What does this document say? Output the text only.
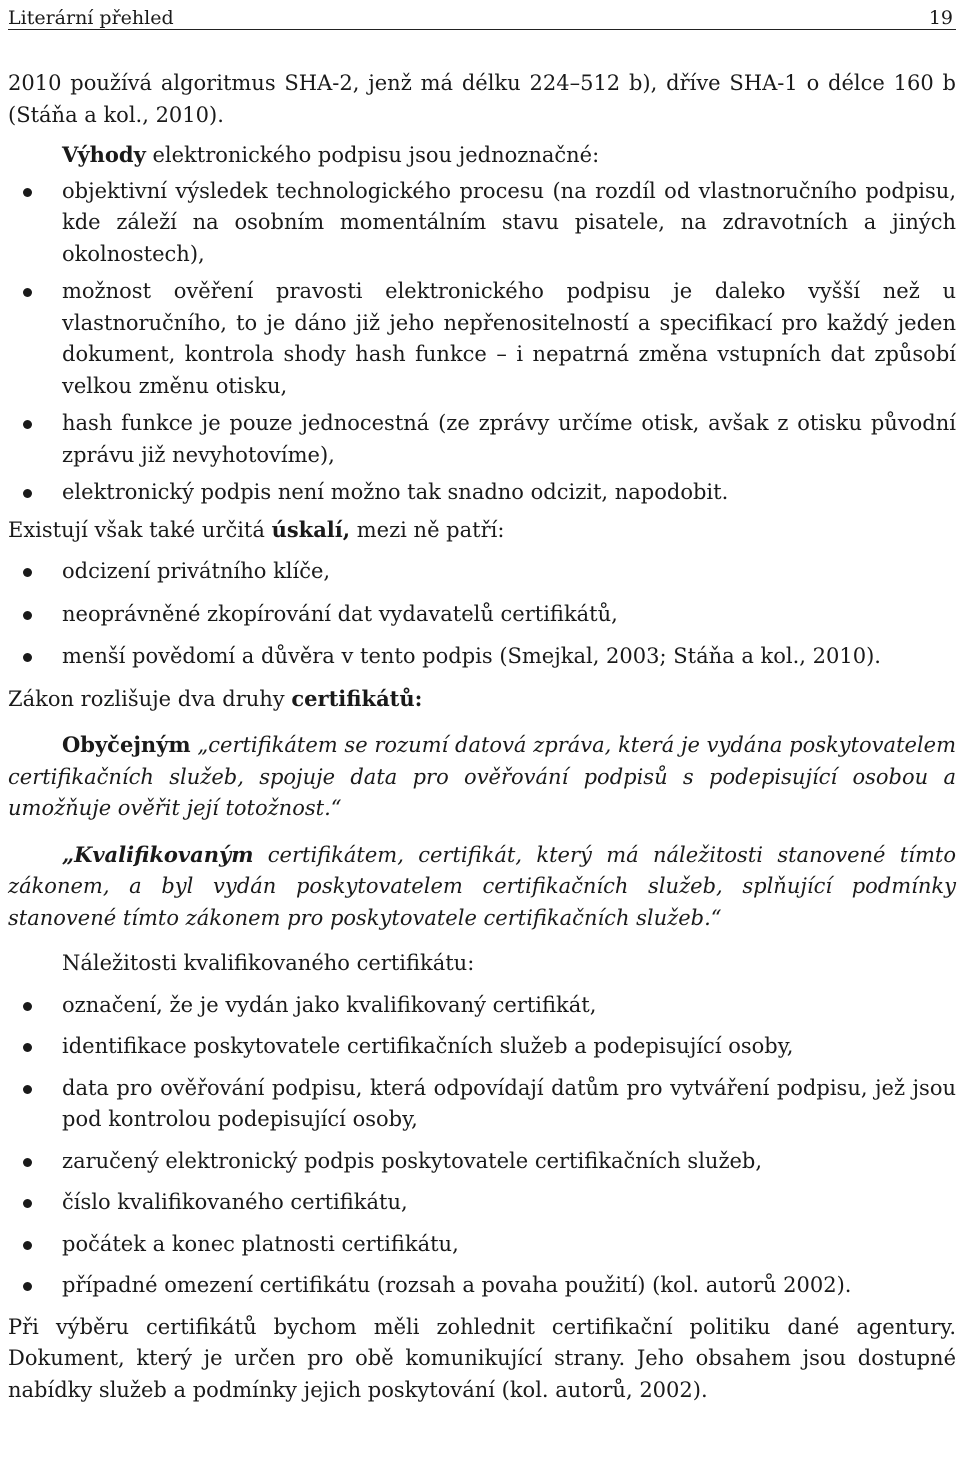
Literární přehled	19

2010 používá algoritmus SHA-2, jenž má délku 224–512 b), dříve SHA-1 o délce 160 b (Stáňa a kol., 2010).

Výhody elektronického podpisu jsou jednoznačné:

objektivní výsledek technologického procesu (na rozdíl od vlastnoručního podpisu, kde záleží na osobním momentálním stavu pisatele, na zdravotních a jiných okolnostech),
možnost ověření pravosti elektronického podpisu je daleko vyšší než u vlastnoručního, to je dáno již jeho nepřenositelností a specifikací pro každý jeden dokument, kontrola shody hash funkce – i nepatrná změna vstupních dat způsobí velkou změnu otisku,
hash funkce je pouze jednocestná (ze zprávy určíme otisk, avšak z otisku původní zprávu již nevyhotovíme),
elektronický podpis není možno tak snadno odcizit, napodobit.

Existují však také určitá úskalí, mezi ně patří:

odcizení privátního klíče,
neoprávněné zkopírování dat vydavatelů certifikátů,
menší povědomí a důvěra v tento podpis (Smejkal, 2003; Stáňa a kol., 2010).

Zákon rozlišuje dva druhy certifikátů:

Obyčejným „certifikátem se rozumí datová zpráva, která je vydána poskytovatelem certifikačních služeb, spojuje data pro ověřování podpisů s podepisující osobou a umožňuje ověřit její totožnost.“

„Kvalifikovaným certifikátem, certifikát, který má náležitosti stanovené tímto zákonem, a byl vydán poskytovatelem certifikačních služeb, splňující podmínky stanovené tímto zákonem pro poskytovatele certifikačních služeb.“

Náležitosti kvalifikovaného certifikátu:

označení, že je vydán jako kvalifikovaný certifikát,
identifikace poskytovatele certifikačních služeb a podepisující osoby,
data pro ověřování podpisu, která odpovídají datům pro vytváření podpisu, jež jsou pod kontrolou podepisující osoby,
zaručený elektronický podpis poskytovatele certifikačních služeb,
číslo kvalifikovaného certifikátu,
počátek a konec platnosti certifikátu,
případné omezení certifikátu (rozsah a povaha použití) (kol. autorů 2002).

Při výběru certifikátů bychom měli zohlednit certifikační politiku dané agentury. Dokument, který je určen pro obě komunikující strany. Jeho obsahem jsou dostupné nabídky služeb a podmínky jejich poskytování (kol. autorů, 2002).
